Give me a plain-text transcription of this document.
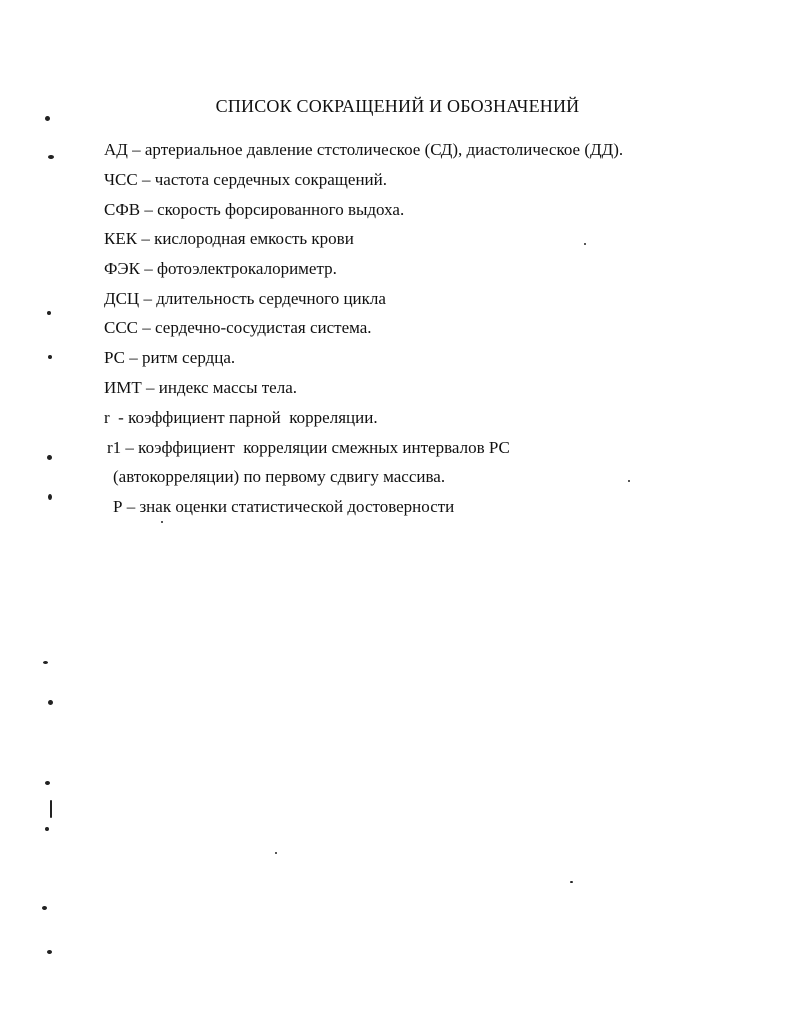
СПИСОК СОКРАЩЕНИЙ И ОБОЗНАЧЕНИЙ
АД – артериальное давление стстолическое (СД), диастолическое (ДД).
ЧСС – частота сердечных сокращений.
СФВ – скорость форсированного выдоха.
КЕК – кислородная емкость крови
ФЭК – фотоэлектрокалориметр.
ДСЦ – длительность сердечного цикла
ССС – сердечно-сосудистая система.
РС – ритм сердца.
ИМТ – индекс массы тела.
r  - коэффициент парной  корреляции.
r1 – коэффициент  корреляции смежных интервалов РС
(автокорреляции) по первому сдвигу массива.
Р – знак оценки статистической достоверности
